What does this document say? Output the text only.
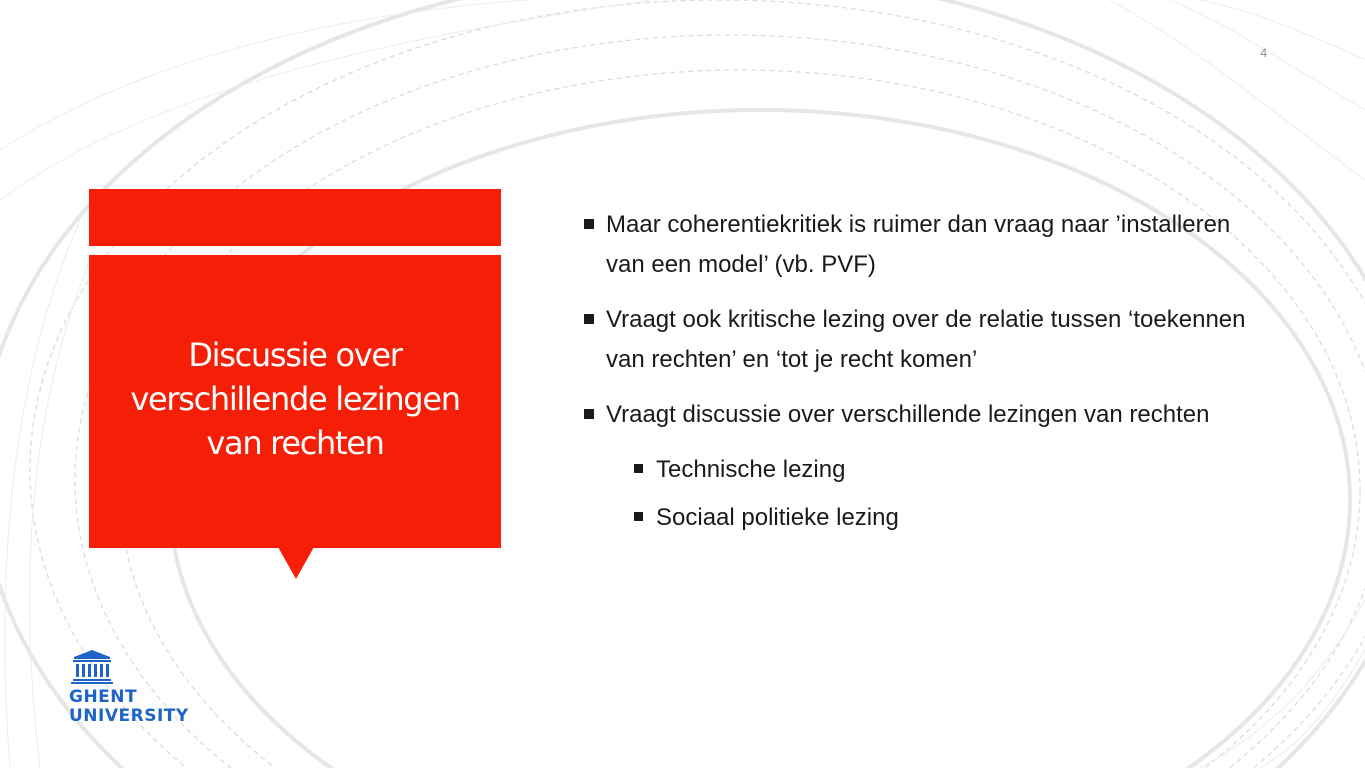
4
Discussie over
verschillende lezingen
van rechten
Maar coherentiekritiek is ruimer dan vraag naar ’installeren van een model’ (vb. PVF)
Vraagt ook kritische lezing over de relatie tussen ‘toekennen van rechten’ en ‘tot je recht komen’
Vraagt discussie over verschillende lezingen van rechten
Technische lezing
Sociaal politieke lezing
GHENT
UNIVERSITY
